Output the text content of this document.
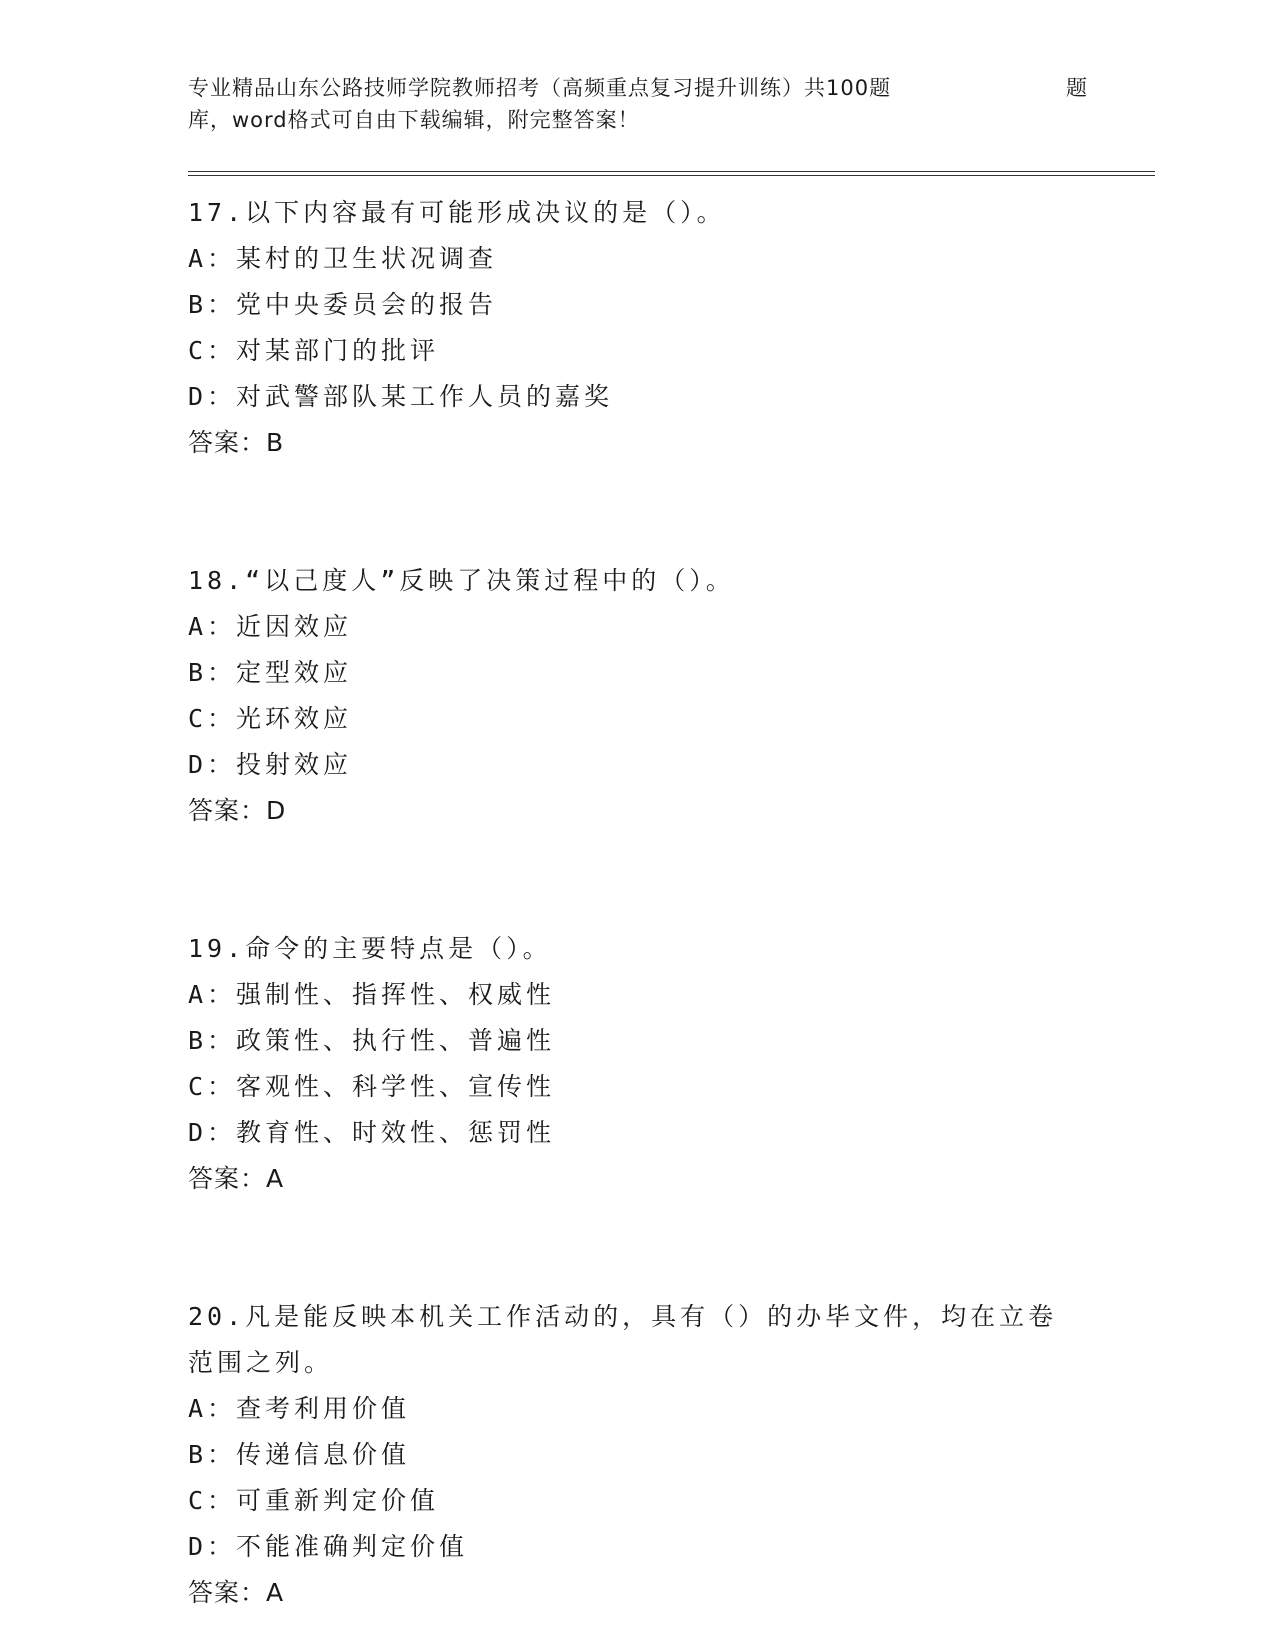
专业精品山东公路技师学院教师招考（高频重点复习提升训练）共100题	题
库，word格式可自由下载编辑，附完整答案！
17.以下内容最有可能形成决议的是（）。
A：某村的卫生状况调查
B：党中央委员会的报告
C：对某部门的批评
D：对武警部队某工作人员的嘉奖
答案：B
18.“以己度人”反映了决策过程中的（）。
A：近因效应
B：定型效应
C：光环效应
D：投射效应
答案：D
19.命令的主要特点是（）。
A：强制性、指挥性、权威性
B：政策性、执行性、普遍性
C：客观性、科学性、宣传性
D：教育性、时效性、惩罚性
答案：A
20.凡是能反映本机关工作活动的，具有（）的办毕文件，均在立卷范围之列。
A：查考利用价值
B：传递信息价值
C：可重新判定价值
D：不能准确判定价值
答案：A
